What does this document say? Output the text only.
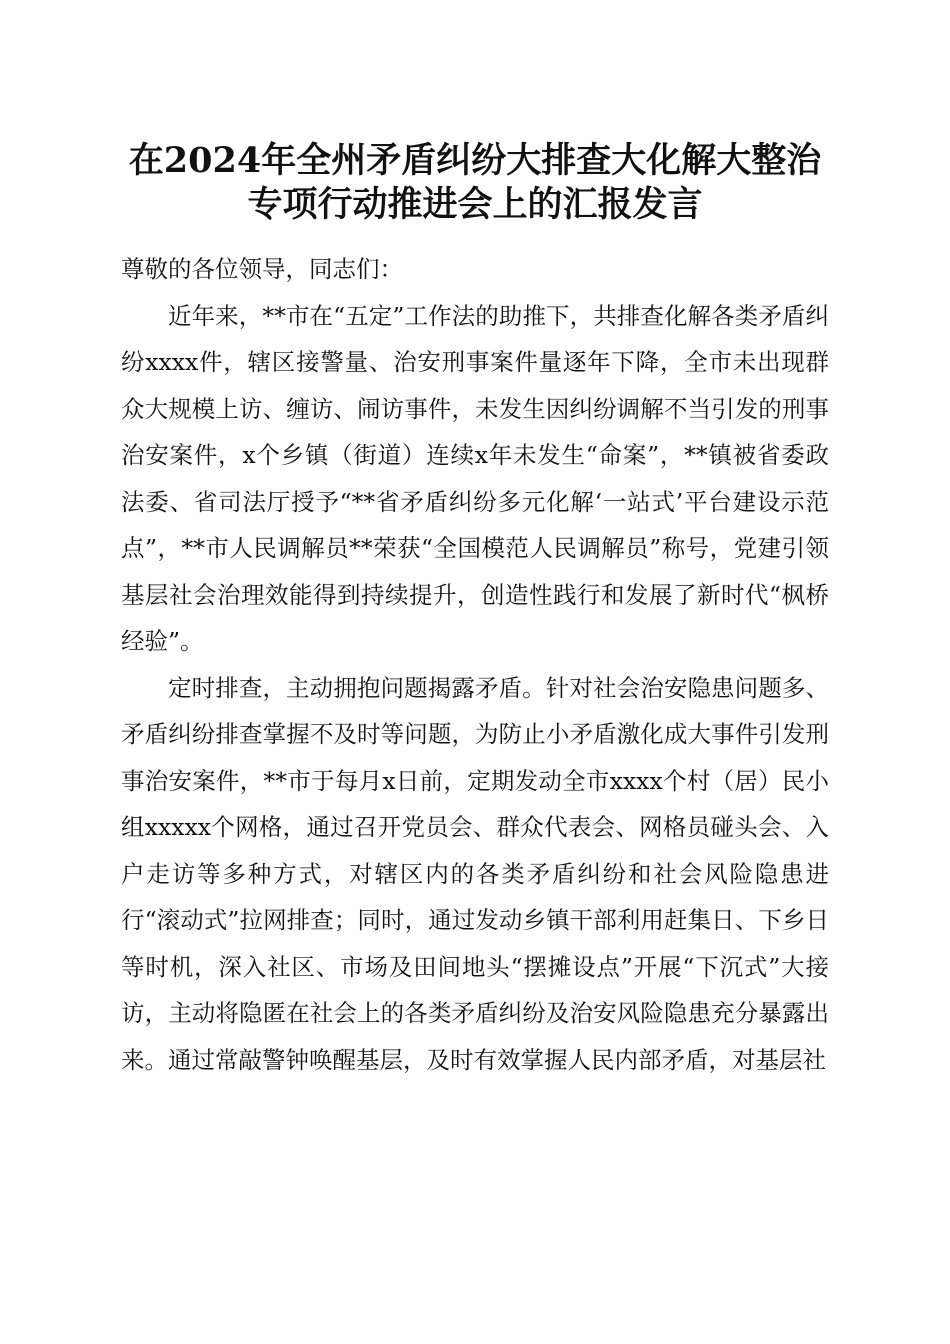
在2024年全州矛盾纠纷大排查大化解大整治
专项行动推进会上的汇报发言

尊敬的各位领导，同志们：

近年来，**市在“五定”工作法的助推下，共排查化解各类矛盾纠纷xxxx件，辖区接警量、治安刑事案件量逐年下降，全市未出现群众大规模上访、缠访、闹访事件，未发生因纠纷调解不当引发的刑事治安案件，x个乡镇（街道）连续x年未发生“命案”，**镇被省委政法委、省司法厅授予“**省矛盾纠纷多元化解‘一站式’平台建设示范点”，**市人民调解员**荣获“全国模范人民调解员”称号，党建引领基层社会治理效能得到持续提升，创造性践行和发展了新时代“枫桥经验”。

定时排查，主动拥抱问题揭露矛盾。针对社会治安隐患问题多、矛盾纠纷排查掌握不及时等问题，为防止小矛盾激化成大事件引发刑事治安案件，**市于每月x日前，定期发动全市xxxx个村（居）民小组xxxxx个网格，通过召开党员会、群众代表会、网格员碰头会、入户走访等多种方式，对辖区内的各类矛盾纠纷和社会风险隐患进行“滚动式”拉网排查；同时，通过发动乡镇干部利用赶集日、下乡日等时机，深入社区、市场及田间地头“摆摊设点”开展“下沉式”大接访，主动将隐匿在社会上的各类矛盾纠纷及治安风险隐患充分暴露出来。通过常敲警钟唤醒基层，及时有效掌握人民内部矛盾，对基层社
